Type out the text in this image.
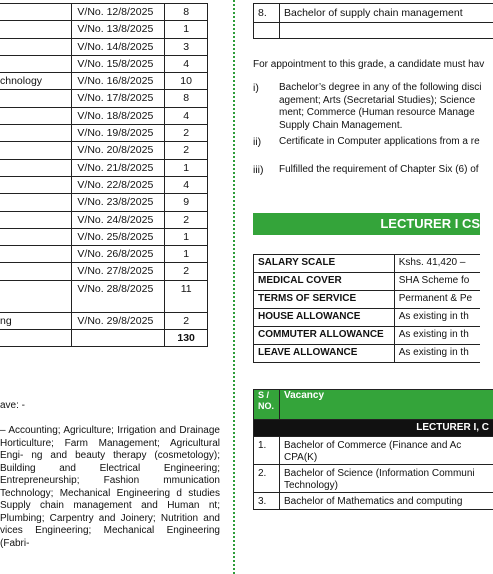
	V/No. 12/8/2025	8
	V/No. 13/8/2025	1
	V/No. 14/8/2025	3
	V/No. 15/8/2025	4
chnology	V/No. 16/8/2025	10
	V/No. 17/8/2025	8
	V/No. 18/8/2025	4
	V/No. 19/8/2025	2
	V/No. 20/8/2025	2
	V/No. 21/8/2025	1
	V/No. 22/8/2025	4
	V/No. 23/8/2025	9
	V/No. 24/8/2025	2
	V/No. 25/8/2025	1
	V/No. 26/8/2025	1
	V/No. 27/8/2025	2
	V/No. 28/8/2025	11
ng	V/No. 29/8/2025	2
		130
ave: -
– Accounting; Agriculture; Irrigation and Drainage Horticulture; Farm Management; Agricultural Engi- ng and beauty therapy (cosmetology); Building and Electrical Engineering; Entrepreneurship; Fashion mmunication Technology; Mechanical Engineering d studies Supply chain management and Human nt; Plumbing; Carpentry and Joinery; Nutrition and vices Engineering; Mechanical Engineering (Fabri-
8.	Bachelor of supply chain management

For appointment to this grade, a candidate must hav
i) Bachelor’s degree in any of the following disci agement; Arts (Secretarial Studies); Science ment; Commerce (Human resource Manage Supply Chain Management.
ii) Certificate in Computer applications from a re
iii) Fulfilled the requirement of Chapter Six (6) of
LECTURER I CS
SALARY SCALE	Kshs. 41,420 –
MEDICAL COVER	SHA Scheme fo
TERMS OF SERVICE	Permanent & Pe
HOUSE ALLOWANCE	As existing in th
COMMUTER ALLOWANCE	As existing in th
LEAVE ALLOWANCE	As existing in th
S / NO.	Vacancy
LECTURER I, C	
1.	Bachelor of Commerce (Finance and Ac CPA(K)
2.	Bachelor of Science (Information Communi Technology)
3.	Bachelor of Mathematics and computing
